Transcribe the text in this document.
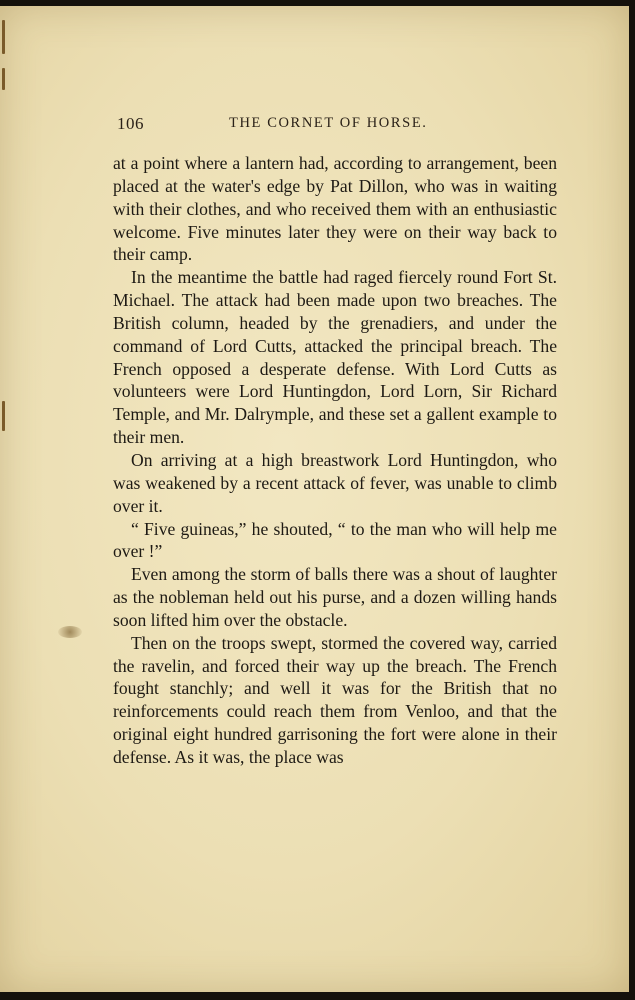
106	THE CORNET OF HORSE.

at a point where a lantern had, according to arrangement, been placed at the water's edge by Pat Dillon, who was in waiting with their clothes, and who received them with an enthusiastic welcome. Five minutes later they were on their way back to their camp.

In the meantime the battle had raged fiercely round Fort St. Michael. The attack had been made upon two breaches. The British column, headed by the grenadiers, and under the command of Lord Cutts, attacked the principal breach. The French opposed a desperate defense. With Lord Cutts as volunteers were Lord Huntingdon, Lord Lorn, Sir Richard Temple, and Mr. Dalrymple, and these set a gallent example to their men.

On arriving at a high breastwork Lord Huntingdon, who was weakened by a recent attack of fever, was unable to climb over it.

“ Five guineas,” he shouted, “ to the man who will help me over !”

Even among the storm of balls there was a shout of laughter as the nobleman held out his purse, and a dozen willing hands soon lifted him over the obstacle.

Then on the troops swept, stormed the covered way, carried the ravelin, and forced their way up the breach. The French fought stanchly; and well it was for the British that no reinforcements could reach them from Venloo, and that the original eight hundred garrisoning the fort were alone in their defense. As it was, the place was
